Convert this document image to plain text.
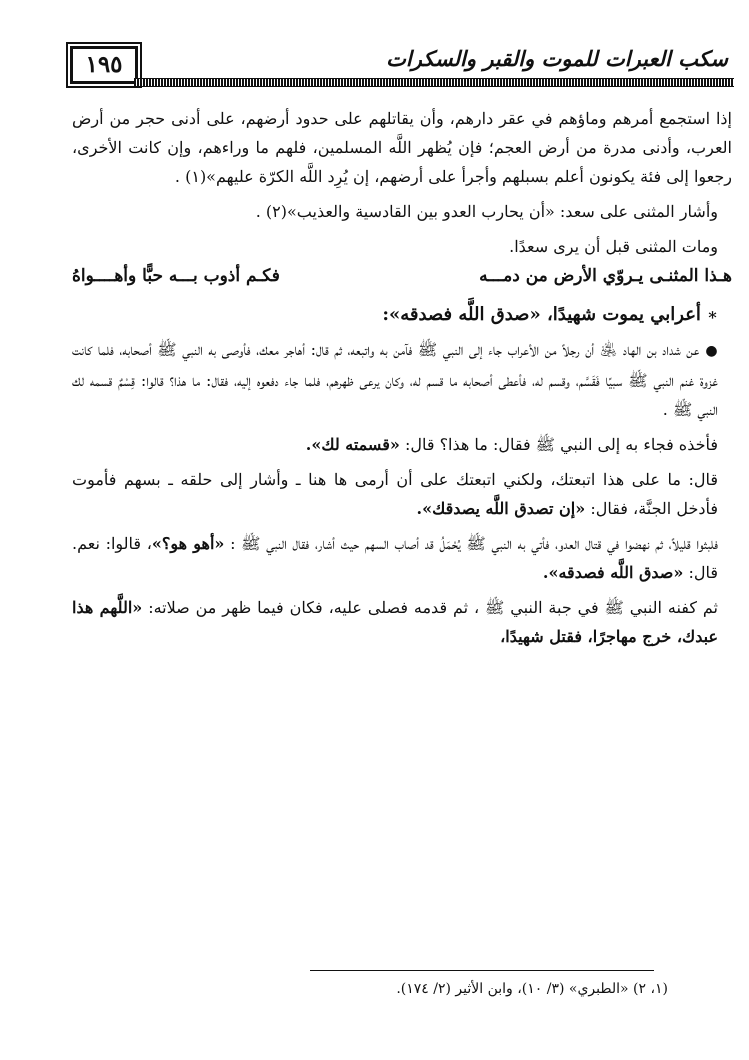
١٩٥	سكب العبرات للموت والقبر والسكرات

إذا استجمع أمرهم وماؤهم في عقر دارهم، وأن يقاتلهم على حدود أرضهم، على أدنى حجر من أرض العرب، وأدنى مدرة من أرض العجم؛ فإن يُظهر اللَّه المسلمين، فلهم ما وراءهم، وإن كانت الأخرى، رجعوا إلى فئة يكونون أعلم بسبلهم وأجرأ على أرضهم، إن يُرِد اللَّه الكرّة عليهم»(١) .

وأشار المثنى على سعد: «أن يحارب العدو بين القادسية والعذيب»(٢) .

ومات المثنى قبل أن يرى سعدًا.

هـذا المثنـى يـروّي الأرض من دمـــه
فكـم أذوب بـــه حبًّا وأهــــواهُ
∗أعرابي يموت شهيدًا، «صدق اللَّه فصدقه»:

●عن شداد بن الهاد ﵁ أن رجلاً من الأعراب جاء إلى النبي ﷺ فآمن به واتبعه، ثم قال: أهاجر معك، فأوصى به النبي ﷺ أصحابه، فلما كانت غزوة غنم النبي ﷺ سبيًا فَقَسَّم، وقسم له، فأعطى أصحابه ما قسم له، وكان يرعى ظهرهم، فلما جاء دفعوه إليه، فقال: ما هذا؟ قالوا: قِسْمٌ قسمه لك النبي ﷺ .

فأخذه فجاء به إلى النبي ﷺ فقال: ما هذا؟ قال: «قسمته لك».

قال: ما على هذا اتبعتك، ولكني اتبعتك على أن أرمى ها هنا ـ وأشار إلى حلقه ـ بسهم فأموت فأدخل الجنَّة، فقال: «إن تصدق اللَّه يصدقك».

فلبثوا قليلاً، ثم نهضوا في قتال العدو، فأتي به النبي ﷺ يُحْمَلُ قد أصاب السهم حيث أشار، فقال النبي ﷺ : «أهو هو؟»، قالوا: نعم. قال: «صدق اللَّه فصدقه».

ثم كفنه النبي ﷺ في جبة النبي ﷺ ، ثم قدمه فصلى عليه، فكان فيما ظهر من صلاته: «اللَّهم هذا عبدك، خرج مهاجرًا، فقتل شهيدًا،

(١، ٢) «الطبري» (٣/ ١٠)، وابن الأثير (٢/ ١٧٤).
